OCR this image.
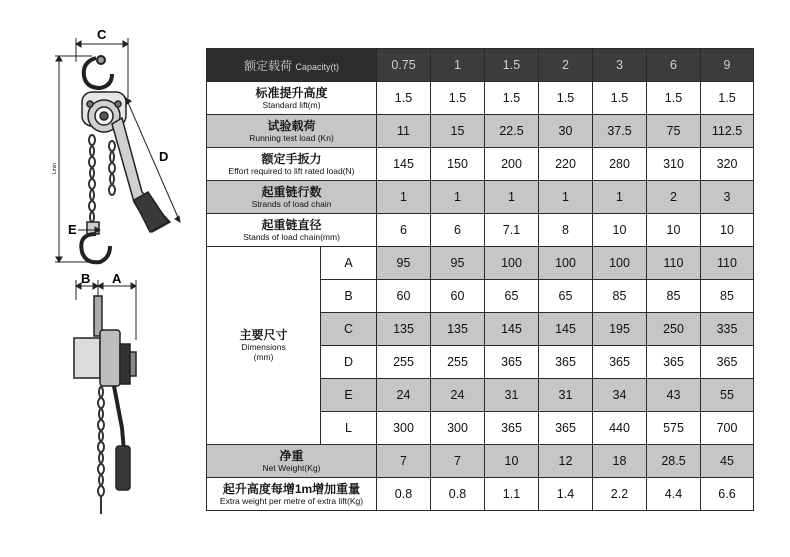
C
Lmin
D
E
B A
额定载荷 Capacity(t)		0.75	1	1.5	2	3	6	9

标准提升高度
Standard lift(m)		1.5	1.5	1.5	1.5	1.5	1.5	1.5

试验载荷
Running test load (Kn)		11	15	22.5	30	37.5	75	112.5

额定手扳力
Effort required to lift rated load(N)		145	150	200	220	280	310	320

起重链行数
Strands of load chain		1	1	1	1	1	2	3

起重链直径
Stands of load chain(mm)		6	6	7.1	8	10	10	10

主要尺寸
Dimensions
(mm)	A	95	95	100	100	100	110	110
	B	60	60	65	65	85	85	85
	C	135	135	145	145	195	250	335
	D	255	255	365	365	365	365	365
	E	24	24	31	31	34	43	55
	L	300	300	365	365	440	575	700

净重
Net Weight(Kg)		7	7	10	12	18	28.5	45

起升高度每增1m增加重量
Extra weight per metre of extra lift(Kg)		0.8	0.8	1.1	1.4	2.2	4.4	6.6
